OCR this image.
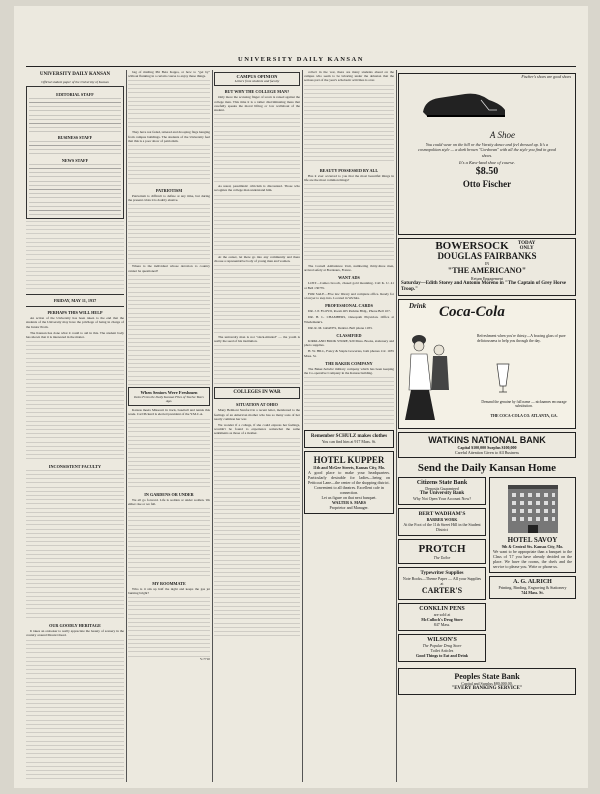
UNIVERSITY DAILY KANSAN
UNIVERSITY DAILY KANSAN
Official student paper of the University of Kansas
EDITORIAL STAFF
BUSINESS STAFF
NEWS STAFF
FRIDAY, MAY 11, 1937
PERHAPS THIS WILL HELP

An action of the University has been taken to the end that the students of the University may have the privilege of being in charge of the Junior Prom.

The Kansan has done what it could to aid in this. The student body has shown that it is interested in the matter.

INCONSISTENT FACULTY
OUR GOODLY HERITAGE

It takes an onlooker to really appreciate the beauty of scenery in the country around Mount Oread.

bag of mailing Phi Beta Kappa, or how to "get by" without flunking in a certain course to enjoy these things.

They have not faded, tattered and drooping flags hanging from campus buildings. The students of the University feel that this is a poor show of patriotism.

PATRIOTISM

Patriotism is difficult to define at any time, but during the present crisis it is doubly elusive.

Where is the individual whose devotion to country cannot be questioned?

When Seniors Were Freshmen
Items From the Daily Kansan Files of Twelve Years Ago.

Kansas meets Missouri in track, baseball and tennis this week. Carl Pickard is elected president of the Y.M.C.A.

IN GARDENS OR UNDER

We all go forward. Life is sodden or under sodden. We either rise or we fall.

MY ROOMMATE

Who is it sits up half the night and keeps the gas jet burning bright?

V-7710
CAMPUS OPINION
Letters from students and faculty
BUT WHY THE COLLEGE MAN?

Only more the accusing finger of scorn is raised against the college man. This time it is a rather discriminating mass that carefully speaks the moral lifting or low wallabout of the student.

As usual, pessimistic criticism is discounted. Those who recognize the college man understand him.

At the outset, let there go into any community and there choose a representative body of young men and women.

The university man is not "slack-minded" — the youth is really the seed of his institution.

COLLEGES IN WAR
SITUATION AT OHIO

Many Belmont Stanford in a recent letter, mentioned to the feelings of an American mother who has so many sons of her nearly common her war.

We wonder if a college, if she could express her feelings, wouldn't be found to experience somewhat the same sentiments as those of a mother.

collect in the war, there are many students ahead on the campus who seem to be laboring under the delusion that the serious part of the year's scholastic activities is over.

BEAUTY POSSESSED BY ALL

Has it ever occurred to you that the most beautiful things in life are the most common things?

The Cornell Ambulance Unit, numbering thirty-three men, arrived safely at Bordeaux, France.

WANT ADS

LOST—Cameo brooch, chased gold mounting. Call K. U. 41 or Bell 1307W.

FOR SALE—Five law library and complete office. Ready for a lawyer to step into. Located in Wichita.

PROFESSIONAL CARDS

DR. J. P. FLOYD, Room 405 Perkins Bldg., Phone Bell 107.

DR. H. L. CHAMBERS, Osteopath Physician. Office at Wiedemann's.

DR. R. M. GRAVES, Dentist. Bell phone 1183.

CLASSIFIED

KIRKLAND BOOK STORE, 920 Mass. Books, stationery and photo supplies.

H. W. HILL, Fancy & Staple Groceries, both phones 112. 1035 Mass. St.

THE BAKER COMPANY

The Baker-Selwitz military company which has been keeping the Co-operative Company in the Kansas building.

Remember SCHULZ makes clothes
You can find him at 917 Mass. St.
HOTEL KUPPER
11th and McGee Streets, Kansas City, Mo.
A good place to make your headquarters. Particularly desirable for ladies—being on Petticoat Lane—the center of the shopping district.
Convenient to all theatres. Excellent cafe in connection.
Let us figure on that next banquet.
WALTER S. MARS
Proprietor and Manager.
Fischer's shoes are good shoes
A Shoe
You could wear on the hill or the Varsity dance and feel dressed up. It's a cosmopolitan style — a dark brown "Cordovan" with all the style you find in good shoes.
It's a Kaw-land shoe of course.
$8.50
Otto Fischer
BOWERSOCK	TODAY ONLY
DOUGLAS FAIRBANKS
IN
"THE AMERICANO"
Return Engagement
Saturday—Edith Storey and Antonio Moreno in "The Captain of Grey Horse Troop."
Drink Coca-Cola
Refreshment when you're thirsty—A bracing glass of pure deliciousness to help you through the day.
Demand the genuine by full name — nicknames encourage substitution.
THE COCA-COLA CO. ATLANTA, GA.
WATKINS NATIONAL BANK
Capital $100,000 Surplus $100,000
Careful Attention Given to All Business
Send the Daily Kansan Home
Citizens State Bank
Deposits Guaranteed
The University Bank
Why Not Open Your Account Now?
BERT WADHAM'S
BARBER WORK
At the Foot of the 11th Street Hill in the Student District
PROTCH
The Tailor
Typewriter Supplies
Note Books—Theme Paper — All your Supplies at
CARTER'S
CONKLIN PENS
are sold at
McCulloch's Drug Store
847 Mass.
WILSON'S
The Popular Drug Store
Toilet Articles
Good Things to Eat and Drink
HOTEL SAVOY
9th & Central Sts. Kansas City, Mo.
We want to be appropriate than a banquet to the Class of '17 you have already decided on the place. We have the rooms, the chefs and the service to please you. Write or phone us.
A. G. ALRICH
Printing, Binding, Engraving & Stationery
744 Mass. St.
Peoples State Bank
Capital and Surplus $80,000.00.
"EVERY BANKING SERVICE"
